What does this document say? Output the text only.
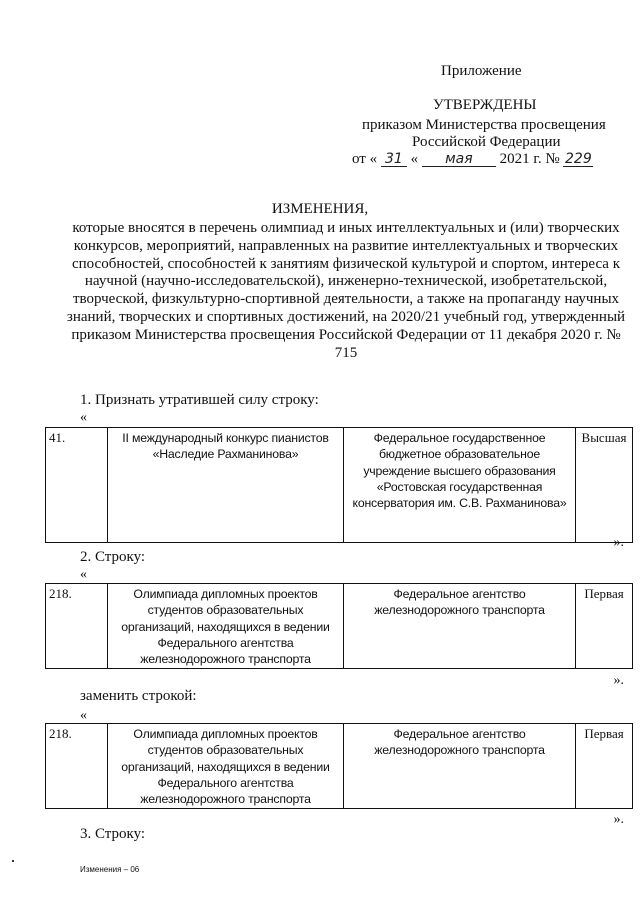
Приложение
УТВЕРЖДЕНЫ
приказом Министерства просвещения
Российской Федерации
от « 31 « мая 2021 г. № 229
ИЗМЕНЕНИЯ,
которые вносятся в перечень олимпиад и иных интеллектуальных и (или) творческих конкурсов, мероприятий, направленных на развитие интеллектуальных и творческих способностей, способностей к занятиям физической культурой и спортом, интереса к научной (научно-исследовательской), инженерно-технической, изобретательской, творческой, физкультурно-спортивной деятельности, а также на пропаганду научных знаний, творческих и спортивных достижений, на 2020/21 учебный год, утвержденный приказом Министерства просвещения Российской Федерации от 11 декабря 2020 г. № 715
1. Признать утратившей силу строку:
«
41.	II международный конкурс пианистов «Наследие Рахманинова»	Федеральное государственное бюджетное образовательное учреждение высшего образования «Ростовская государственная консерватория им. С.В. Рахманинова»	Высшая
».
2. Строку:
«
218.	Олимпиада дипломных проектов студентов образовательных организаций, находящихся в ведении Федерального агентства железнодорожного транспорта	Федеральное агентство железнодорожного транспорта	Первая
».
заменить строкой:
«
218.	Олимпиада дипломных проектов студентов образовательных организаций, находящихся в ведении Федерального агентства железнодорожного транспорта	Федеральное агентство железнодорожного транспорта	Первая
».
3. Строку:
Изменения – 06
